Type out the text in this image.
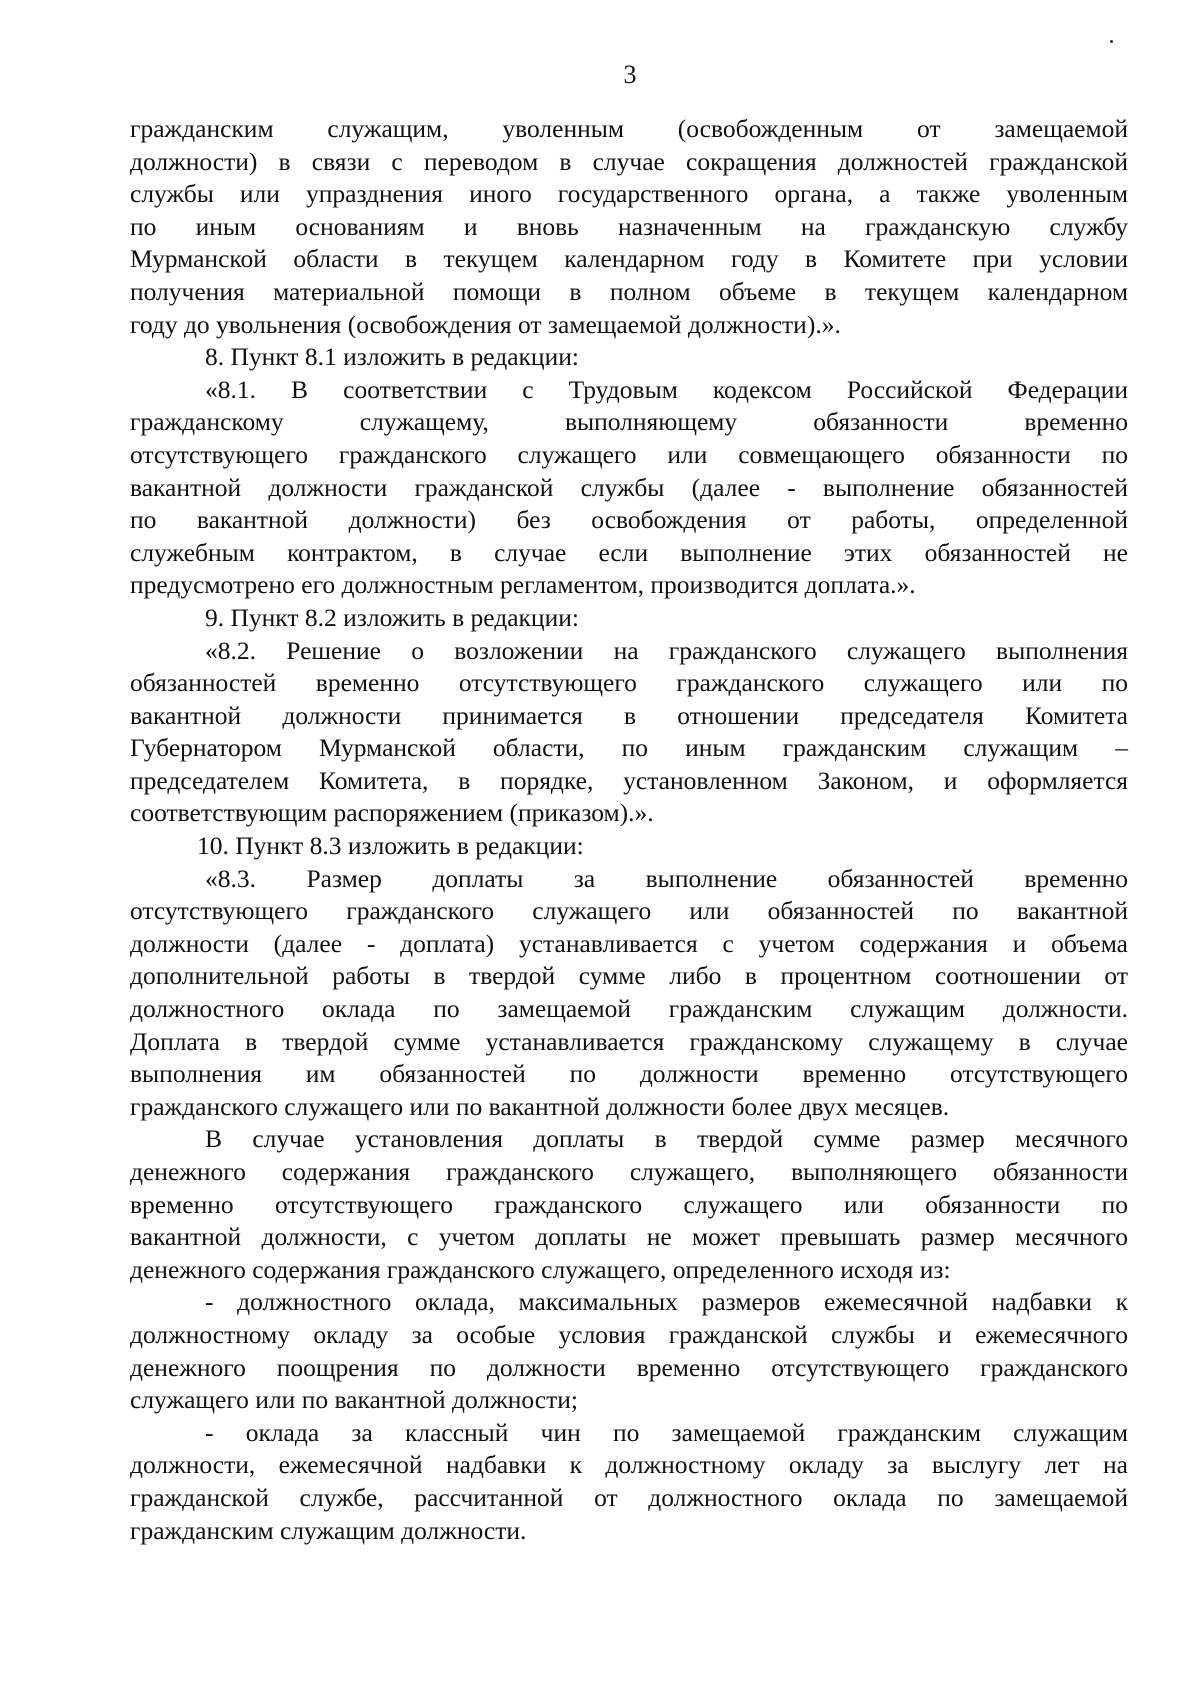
3
гражданским служащим, уволенным (освобожденным от замещаемой
должности) в связи с переводом в случае сокращения должностей гражданской
службы или упразднения иного государственного органа, а также уволенным
по иным основаниям и вновь назначенным на гражданскую службу
Мурманской области в текущем календарном году в Комитете при условии
получения материальной помощи в полном объеме в текущем календарном
году до увольнения (освобождения от замещаемой должности).».
8. Пункт 8.1 изложить в редакции:
«8.1. В соответствии с Трудовым кодексом Российской Федерации
гражданскому служащему, выполняющему обязанности временно
отсутствующего гражданского служащего или совмещающего обязанности по
вакантной должности гражданской службы (далее - выполнение обязанностей
по вакантной должности) без освобождения от работы, определенной
служебным контрактом, в случае если выполнение этих обязанностей не
предусмотрено его должностным регламентом, производится доплата.».
9. Пункт 8.2 изложить в редакции:
«8.2. Решение о возложении на гражданского служащего выполнения
обязанностей временно отсутствующего гражданского служащего или по
вакантной должности принимается в отношении председателя Комитета
Губернатором Мурманской области, по иным гражданским служащим –
председателем Комитета, в порядке, установленном Законом, и оформляется
соответствующим распоряжением (приказом).».
10. Пункт 8.3 изложить в редакции:
«8.3. Размер доплаты за выполнение обязанностей временно
отсутствующего гражданского служащего или обязанностей по вакантной
должности (далее - доплата) устанавливается с учетом содержания и объема
дополнительной работы в твердой сумме либо в процентном соотношении от
должностного оклада по замещаемой гражданским служащим должности.
Доплата в твердой сумме устанавливается гражданскому служащему в случае
выполнения им обязанностей по должности временно отсутствующего
гражданского служащего или по вакантной должности более двух месяцев.
В случае установления доплаты в твердой сумме размер месячного
денежного содержания гражданского служащего, выполняющего обязанности
временно отсутствующего гражданского служащего или обязанности по
вакантной должности, с учетом доплаты не может превышать размер месячного
денежного содержания гражданского служащего, определенного исходя из:
- должностного оклада, максимальных размеров ежемесячной надбавки к
должностному окладу за особые условия гражданской службы и ежемесячного
денежного поощрения по должности временно отсутствующего гражданского
служащего или по вакантной должности;
- оклада за классный чин по замещаемой гражданским служащим
должности, ежемесячной надбавки к должностному окладу за выслугу лет на
гражданской службе, рассчитанной от должностного оклада по замещаемой
гражданским служащим должности.
